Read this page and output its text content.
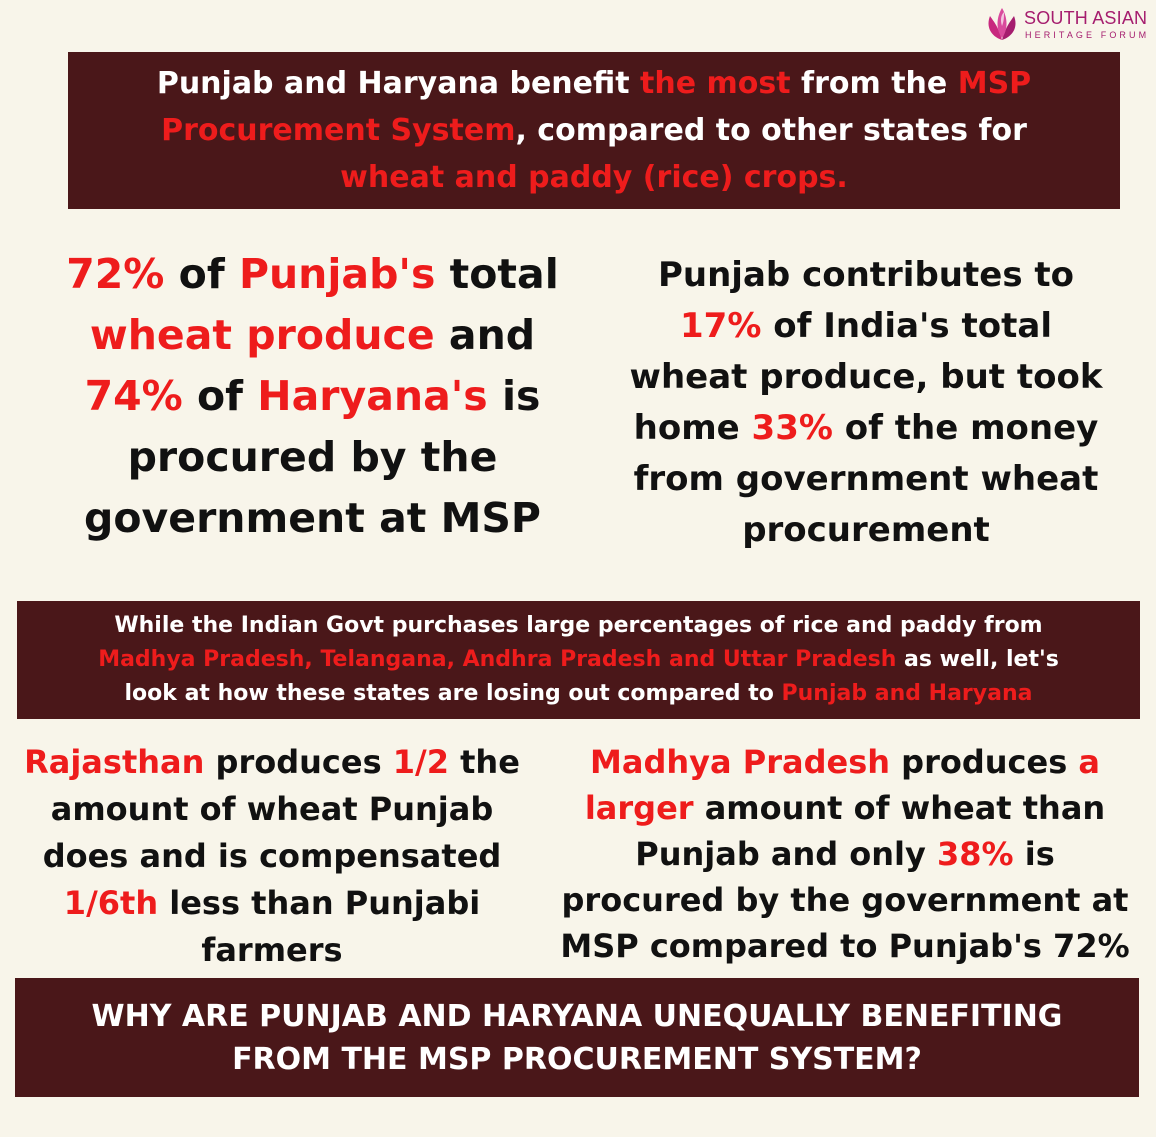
SOUTH ASIAN
HERITAGE FORUM
Punjab and Haryana benefit the most from the MSP
Procurement System, compared to other states for
wheat and paddy (rice) crops.
72% of Punjab's total
wheat produce and
74% of Haryana's is
procured by the
government at MSP
Punjab contributes to
17% of India's total
wheat produce, but took
home 33% of the money
from government wheat
procurement
While the Indian Govt purchases large percentages of rice and paddy from
Madhya Pradesh, Telangana, Andhra Pradesh and Uttar Pradesh as well, let's
look at how these states are losing out compared to Punjab and Haryana
Rajasthan produces 1/2 the
amount of wheat Punjab
does and is compensated
1/6th less than Punjabi
farmers
Madhya Pradesh produces a
larger amount of wheat than
Punjab and only 38% is
procured by the government at
MSP compared to Punjab's 72%
WHY ARE PUNJAB AND HARYANA UNEQUALLY BENEFITING
FROM THE MSP PROCUREMENT SYSTEM?
